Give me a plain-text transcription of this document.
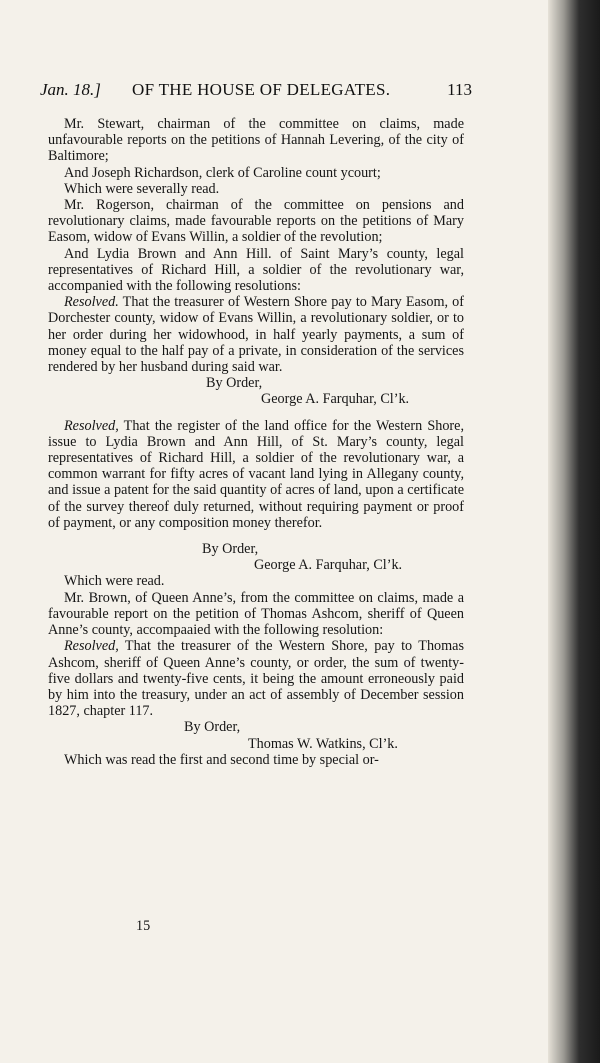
Jan. 18.] OF THE HOUSE OF DELEGATES.	113

Mr. Stewart, chairman of the committee on claims, made unfavourable reports on the petitions of Hannah Levering, of the city of Baltimore;

And Joseph Richardson, clerk of Caroline count ycourt;

Which were severally read.

Mr. Rogerson, chairman of the committee on pensions and revolutionary claims, made favourable reports on the petitions of Mary Easom, widow of Evans Willin, a soldier of the revolution;

And Lydia Brown and Ann Hill. of Saint Mary’s county, legal representatives of Richard Hill, a soldier of the revolutionary war, accompanied with the following resolutions:

Resolved. That the treasurer of Western Shore pay to Mary Easom, of Dorchester county, widow of Evans Willin, a revolutionary soldier, or to her order during her widowhood, in half yearly payments, a sum of money equal to the half pay of a private, in consideration of the services rendered by her husband during said war.

By Order,

George A. Farquhar, Cl’k.

Resolved, That the register of the land office for the Western Shore, issue to Lydia Brown and Ann Hill, of St. Mary’s county, legal representatives of Richard Hill, a soldier of the revolutionary war, a common warrant for fifty acres of vacant land lying in Allegany county, and issue a patent for the said quantity of acres of land, upon a certificate of the survey thereof duly returned, without requiring payment or proof of payment, or any composition money therefor.

By Order,

George A. Farquhar, Cl’k.

Which were read.

Mr. Brown, of Queen Anne’s, from the committee on claims, made a favourable report on the petition of Thomas Ashcom, sheriff of Queen Anne’s county, accompaaied with the following resolution:

Resolved, That the treasurer of the Western Shore, pay to Thomas Ashcom, sheriff of Queen Anne’s county, or order, the sum of twenty-five dollars and twenty-five cents, it being the amount erroneously paid by him into the treasury, under an act of assembly of December session 1827, chapter 117.

By Order,

Thomas W. Watkins, Cl’k.

Which was read the first and second time by special or-

15
